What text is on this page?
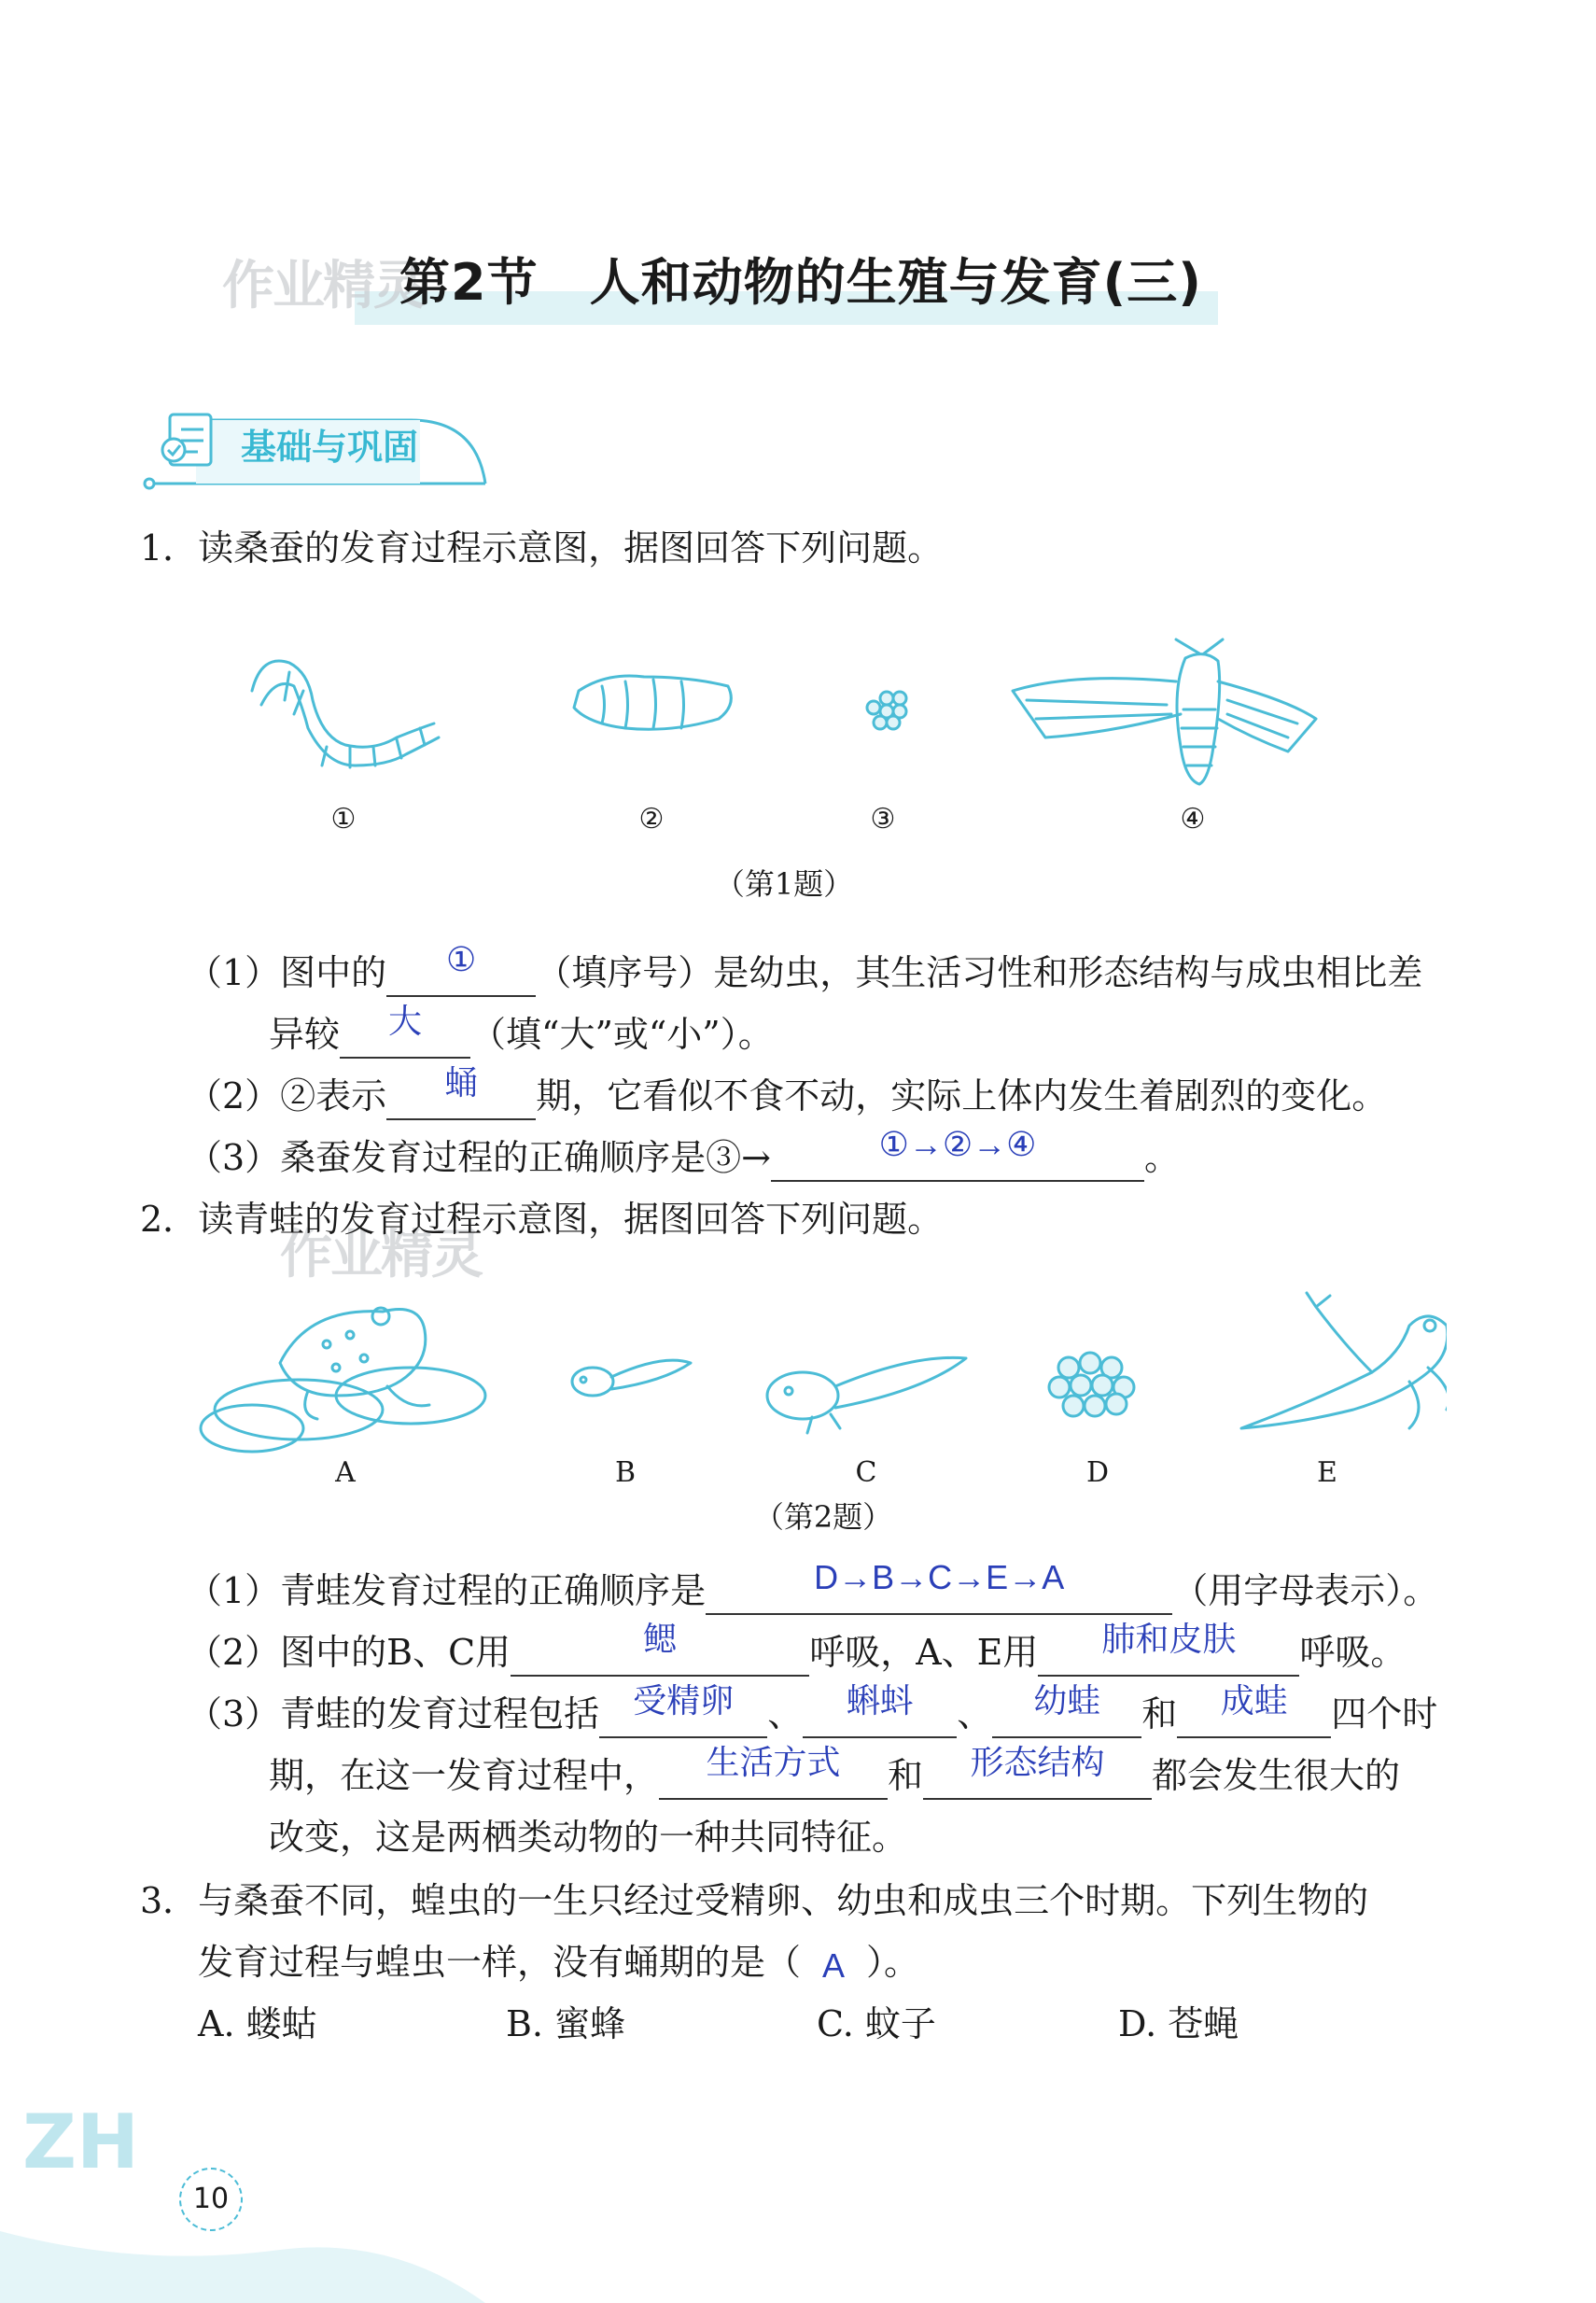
作业精灵
第2节　人和动物的生殖与发育(三)
基础与巩固
1．读桑蚕的发育过程示意图，据图回答下列问题。
①	②	③	④
（第1题）
（1）图中的	①	（填序号）是幼虫，其生活习性和形态结构与成虫相比差
异较	大	（填“大”或“小”）。
（2）②表示	蛹	期，它看似不食不动，实际上体内发生着剧烈的变化。
（3）桑蚕发育过程的正确顺序是③→	①→②→④	。
作业精灵
2．读青蛙的发育过程示意图，据图回答下列问题。
A	B	C	D	E
（第2题）
（1）青蛙发育过程的正确顺序是	D→B→C→E→A	（用字母表示）。
（2）图中的B、C用	鳃	呼吸，A、E用	肺和皮肤	呼吸。
（3）青蛙的发育过程包括 受精卵 、	蝌蚪	、	幼蛙	和	成蛙	四个时
期，在这一发育过程中，	生活方式	和	形态结构	都会发生很大的
改变，这是两栖类动物的一种共同特征。
3．与桑蚕不同，蝗虫的一生只经过受精卵、幼虫和成虫三个时期。下列生物的
发育过程与蝗虫一样，没有蛹期的是（ A ）。
A. 蝼蛄	B. 蜜蜂	C. 蚊子	D. 苍蝇
ZH
10
